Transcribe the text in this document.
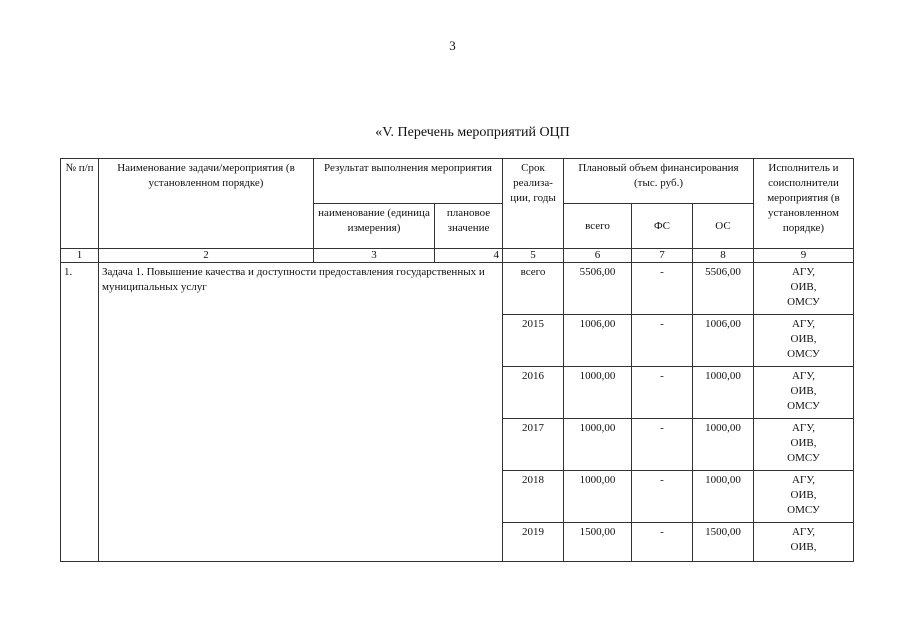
3
«V. Перечень мероприятий ОЦП
№ п/п	Наименование задачи/мероприятия (в установленном порядке)	Результат выполнения мероприятия		Срок реализа-ции, годы	Плановый объем финансирования (тыс. руб.)			Исполнитель и соисполнители мероприятия (в установленном порядке)
		наименование (единица измерения)	плановое значение		всего	ФС	ОС	
1	2	3	4	5	6	7	8	9
1.	Задача 1. Повышение качества и доступности предоставления государственных и муниципальных услуг			всего	5506,00	-	5506,00	АГУ,
ОИВ,
ОМСУ
				2015	1006,00	-	1006,00	АГУ,
ОИВ,
ОМСУ
				2016	1000,00	-	1000,00	АГУ,
ОИВ,
ОМСУ
				2017	1000,00	-	1000,00	АГУ,
ОИВ,
ОМСУ
				2018	1000,00	-	1000,00	АГУ,
ОИВ,
ОМСУ
				2019	1500,00	-	1500,00	АГУ,
ОИВ,
